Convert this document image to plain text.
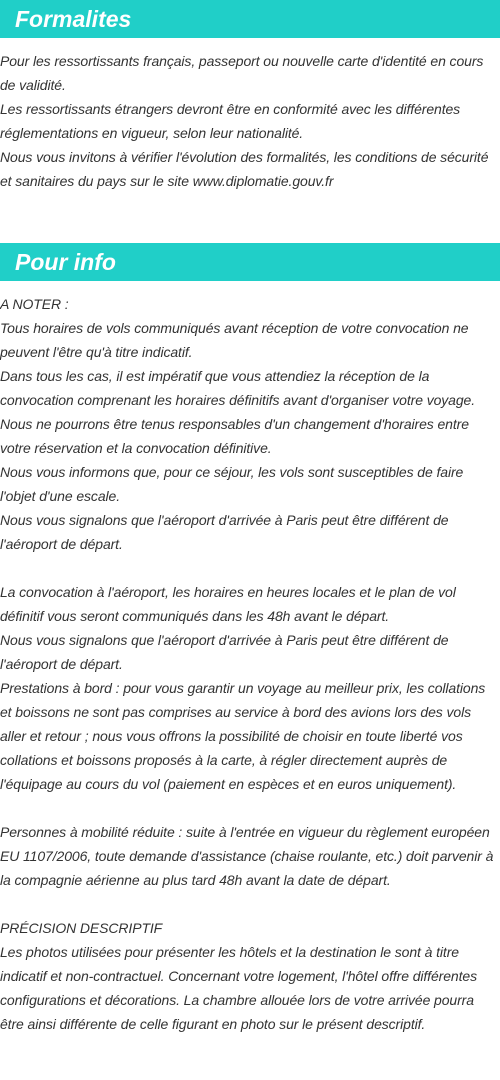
Formalites

Pour les ressortissants français, passeport ou nouvelle carte d'identité en cours de validité.

Les ressortissants étrangers devront être en conformité avec les différentes réglementations en vigueur, selon leur nationalité.

Nous vous invitons à vérifier l'évolution des formalités, les conditions de sécurité et sanitaires du pays sur le site www.diplomatie.gouv.fr

Pour info

A NOTER :

Tous horaires de vols communiqués avant réception de votre convocation ne peuvent l'être qu'à titre indicatif.

Dans tous les cas, il est impératif que vous attendiez la réception de la convocation comprenant les horaires définitifs avant d'organiser votre voyage.

Nous ne pourrons être tenus responsables d'un changement d'horaires entre votre réservation et la convocation définitive.

Nous vous informons que, pour ce séjour, les vols sont susceptibles de faire l'objet d'une escale.

Nous vous signalons que l'aéroport d'arrivée à Paris peut être différent de l'aéroport de départ.

La convocation à l'aéroport, les horaires en heures locales et le plan de vol définitif vous seront communiqués dans les 48h avant le départ.

Nous vous signalons que l'aéroport d'arrivée à Paris peut être différent de l'aéroport de départ.

Prestations à bord : pour vous garantir un voyage au meilleur prix, les collations et boissons ne sont pas comprises au service à bord des avions lors des vols aller et retour ; nous vous offrons la possibilité de choisir en toute liberté vos collations et boissons proposés à la carte, à régler directement auprès de l'équipage au cours du vol (paiement en espèces et en euros uniquement).

Personnes à mobilité réduite : suite à l'entrée en vigueur du règlement européen EU 1107/2006, toute demande d'assistance (chaise roulante, etc.) doit parvenir à la compagnie aérienne au plus tard 48h avant la date de départ.

PRÉCISION DESCRIPTIF

Les photos utilisées pour présenter les hôtels et la destination le sont à titre indicatif et non-contractuel. Concernant votre logement, l'hôtel offre différentes configurations et décorations. La chambre allouée lors de votre arrivée pourra être ainsi différente de celle figurant en photo sur le présent descriptif.
